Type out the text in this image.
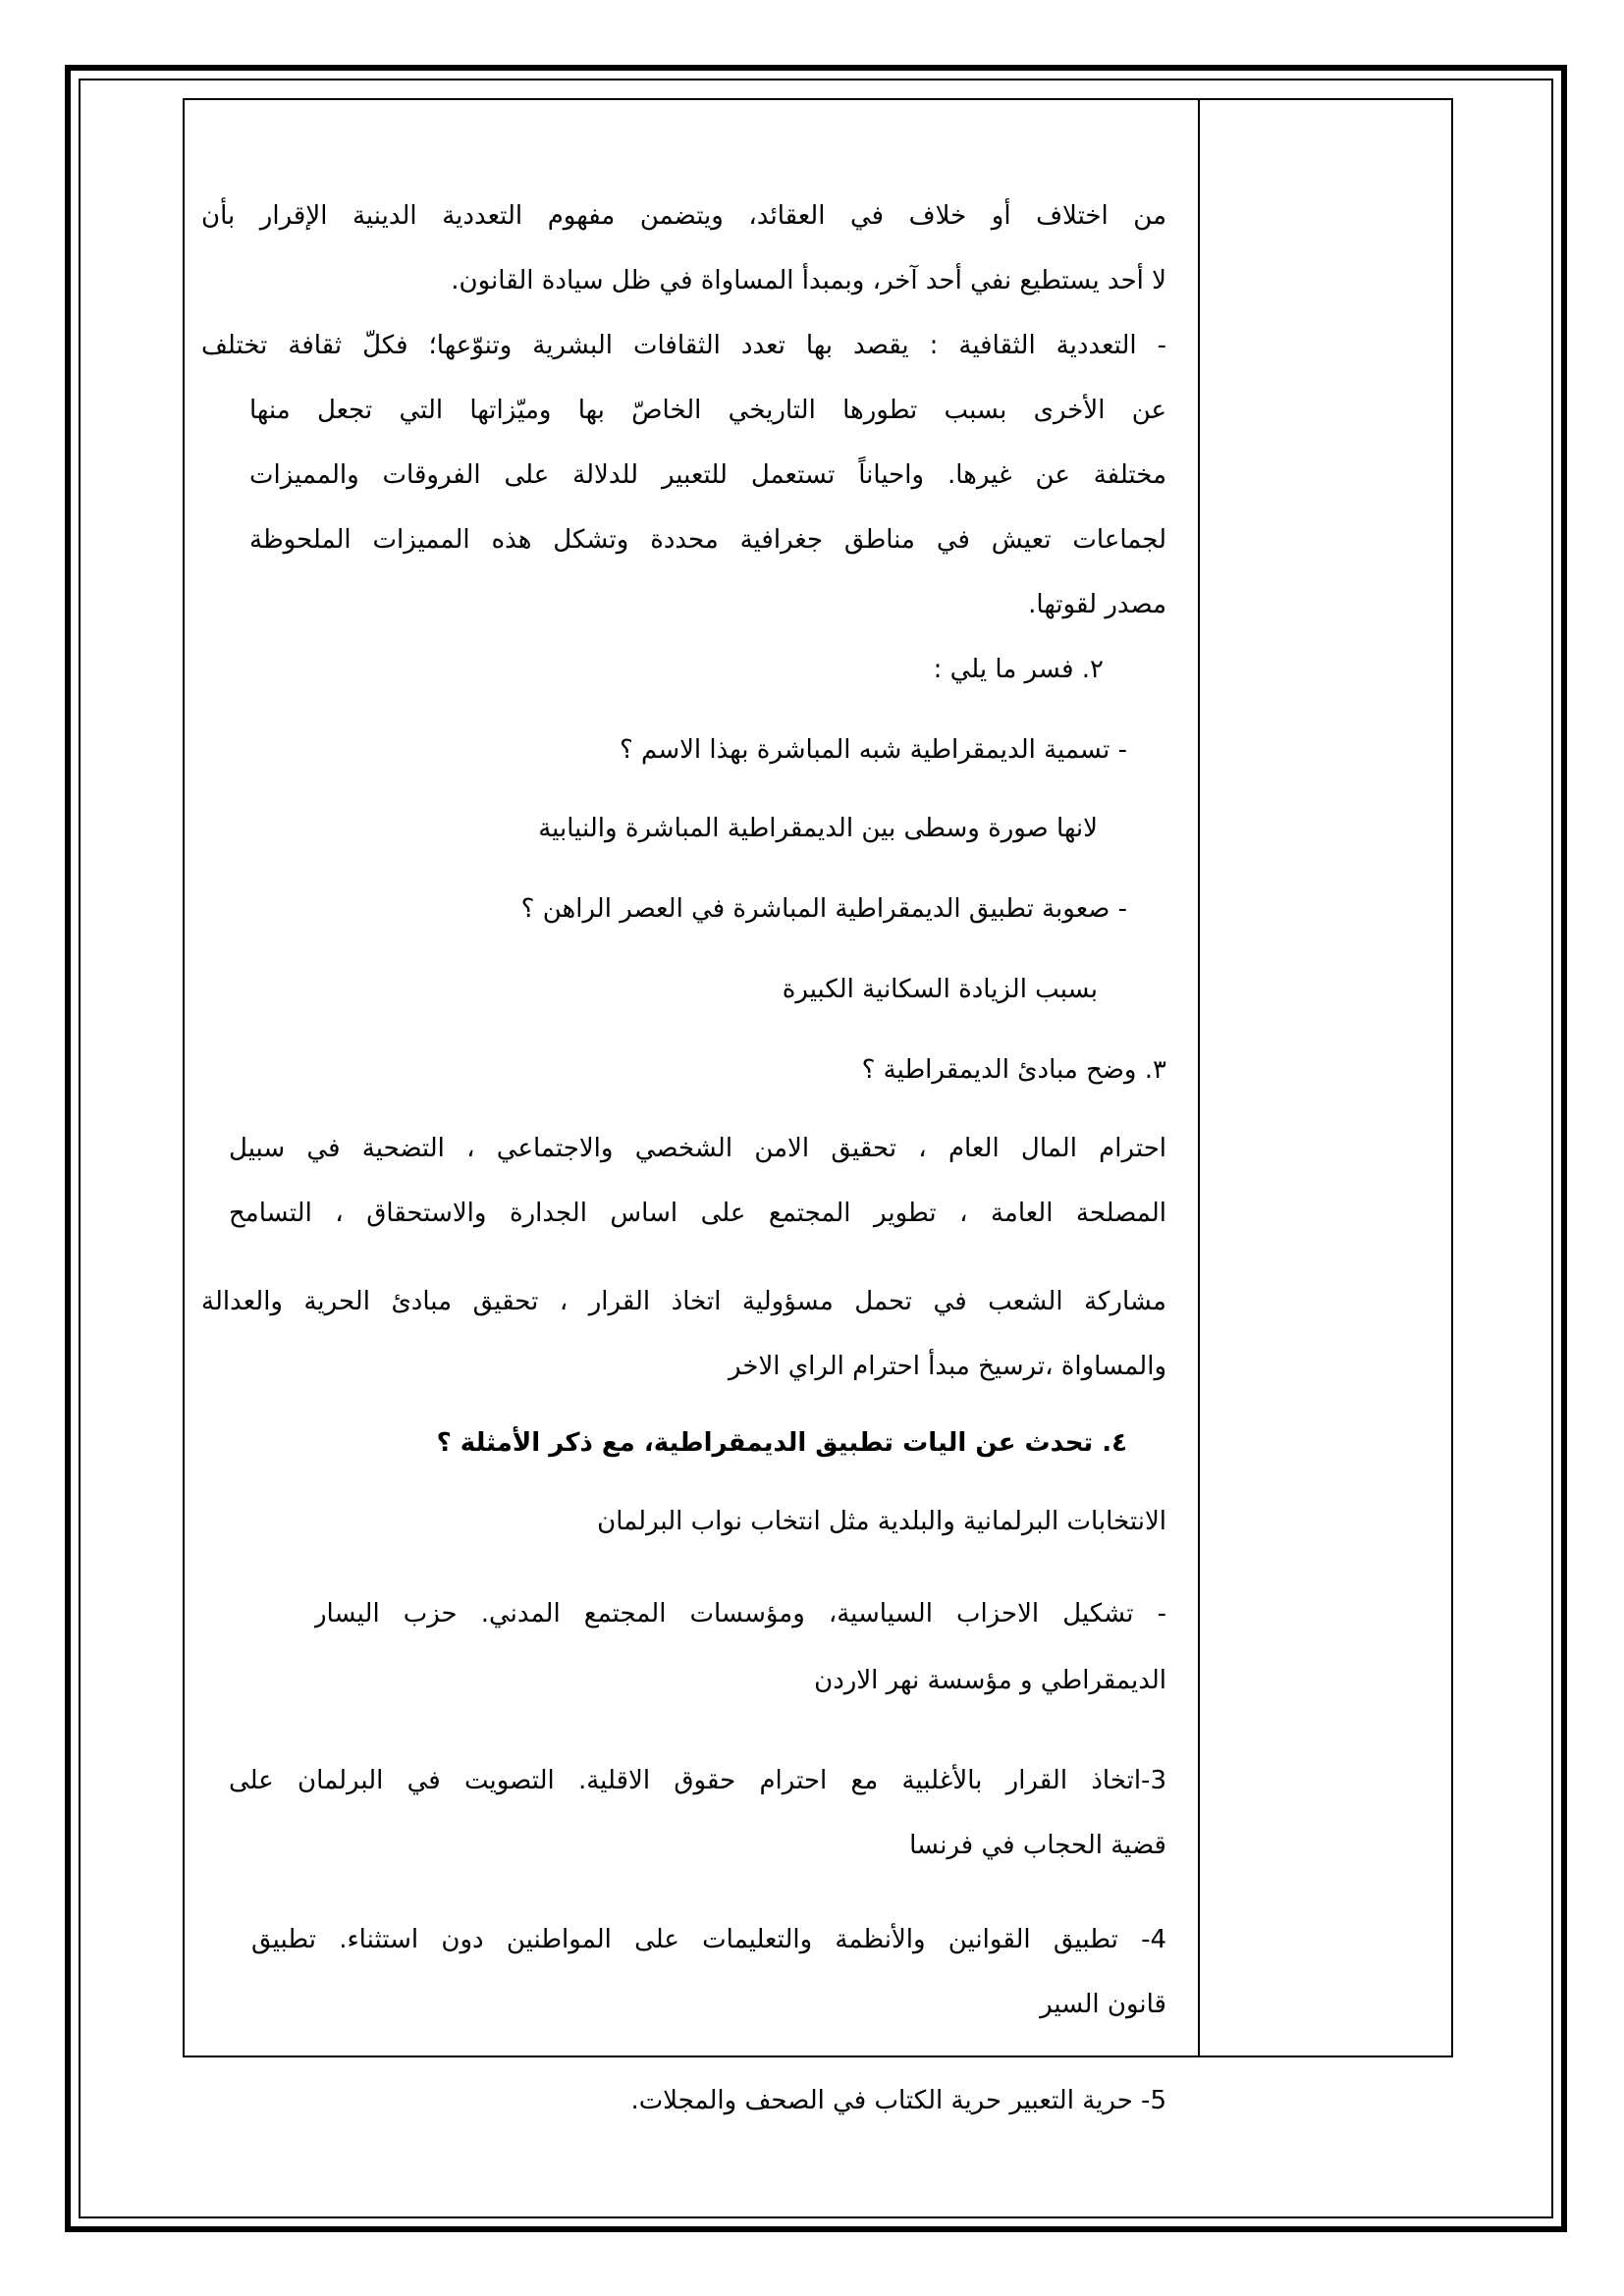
من اختلاف أو خلاف في العقائد، ويتضمن مفهوم التعددية الدينية الإقرار بأن
لا أحد يستطيع نفي أحد آخر، وبمبدأ المساواة في ظل سيادة القانون.
- التعددية الثقافية : يقصد بها تعدد الثقافات البشرية وتنوّعها؛ فكلّ ثقافة تختلف
عن الأخرى بسبب تطورها التاريخي الخاصّ بها وميّزاتها التي تجعل منها
مختلفة عن غيرها. واحياناً تستعمل للتعبير للدلالة على الفروقات والمميزات
لجماعات تعيش في مناطق جغرافية محددة وتشكل هذه المميزات الملحوظة
مصدر لقوتها.
٢. فسر ما يلي :
- تسمية الديمقراطية شبه المباشرة بهذا الاسم ؟
لانها صورة وسطى بين الديمقراطية المباشرة والنيابية
- صعوبة تطبيق الديمقراطية المباشرة في العصر الراهن ؟
بسبب الزيادة السكانية الكبيرة
٣. وضح مبادئ الديمقراطية ؟
احترام المال العام ، تحقيق الامن الشخصي والاجتماعي ، التضحية في سبيل
المصلحة العامة ، تطوير المجتمع على اساس الجدارة والاستحقاق ، التسامح
مشاركة الشعب في تحمل مسؤولية اتخاذ القرار ، تحقيق مبادئ الحرية والعدالة
والمساواة ،ترسيخ مبدأ احترام الراي الاخر
٤. تحدث عن اليات تطبيق الديمقراطية، مع ذكر الأمثلة ؟
الانتخابات البرلمانية والبلدية مثل انتخاب نواب البرلمان
- تشكيل الاحزاب السياسية، ومؤسسات المجتمع المدني. حزب اليسار
الديمقراطي و مؤسسة نهر الاردن
3-اتخاذ القرار بالأغلبية مع احترام حقوق الاقلية. التصويت في البرلمان على
قضية الحجاب في فرنسا
4- تطبيق القوانين والأنظمة والتعليمات على المواطنين دون استثناء. تطبيق
قانون السير
5- حرية التعبير حرية الكتاب في الصحف والمجلات.
